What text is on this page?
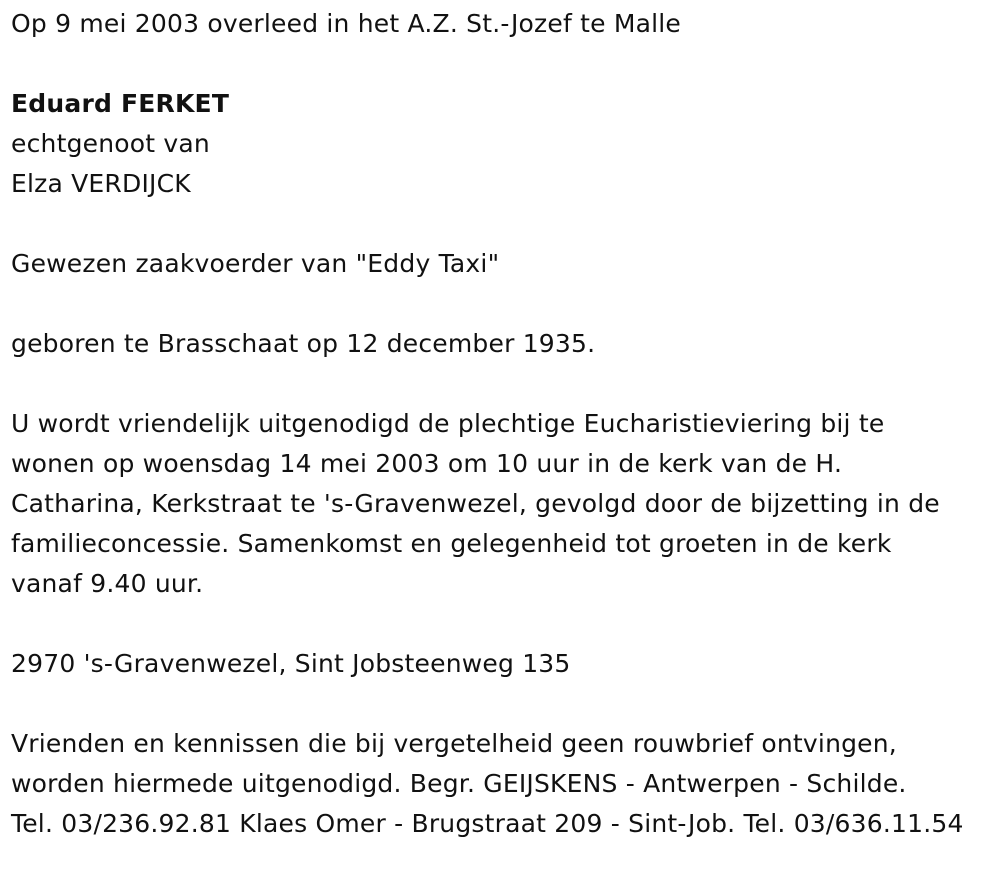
Op 9 mei 2003 overleed in het A.Z. St.-Jozef te Malle
Eduard FERKET
echtgenoot van
Elza VERDIJCK
Gewezen zaakvoerder van "Eddy Taxi"
geboren te Brasschaat op 12 december 1935.
U wordt vriendelijk uitgenodigd de plechtige Eucharistieviering bij te
wonen op woensdag 14 mei 2003 om 10 uur in de kerk van de H.
Catharina, Kerkstraat te 's-Gravenwezel, gevolgd door de bijzetting in de
familieconcessie. Samenkomst en gelegenheid tot groeten in de kerk
vanaf 9.40 uur.
2970 's-Gravenwezel, Sint Jobsteenweg 135
Vrienden en kennissen die bij vergetelheid geen rouwbrief ontvingen,
worden hiermede uitgenodigd. Begr. GEIJSKENS - Antwerpen - Schilde.
Tel. 03/236.92.81 Klaes Omer - Brugstraat 209 - Sint-Job. Tel. 03/636.11.54
